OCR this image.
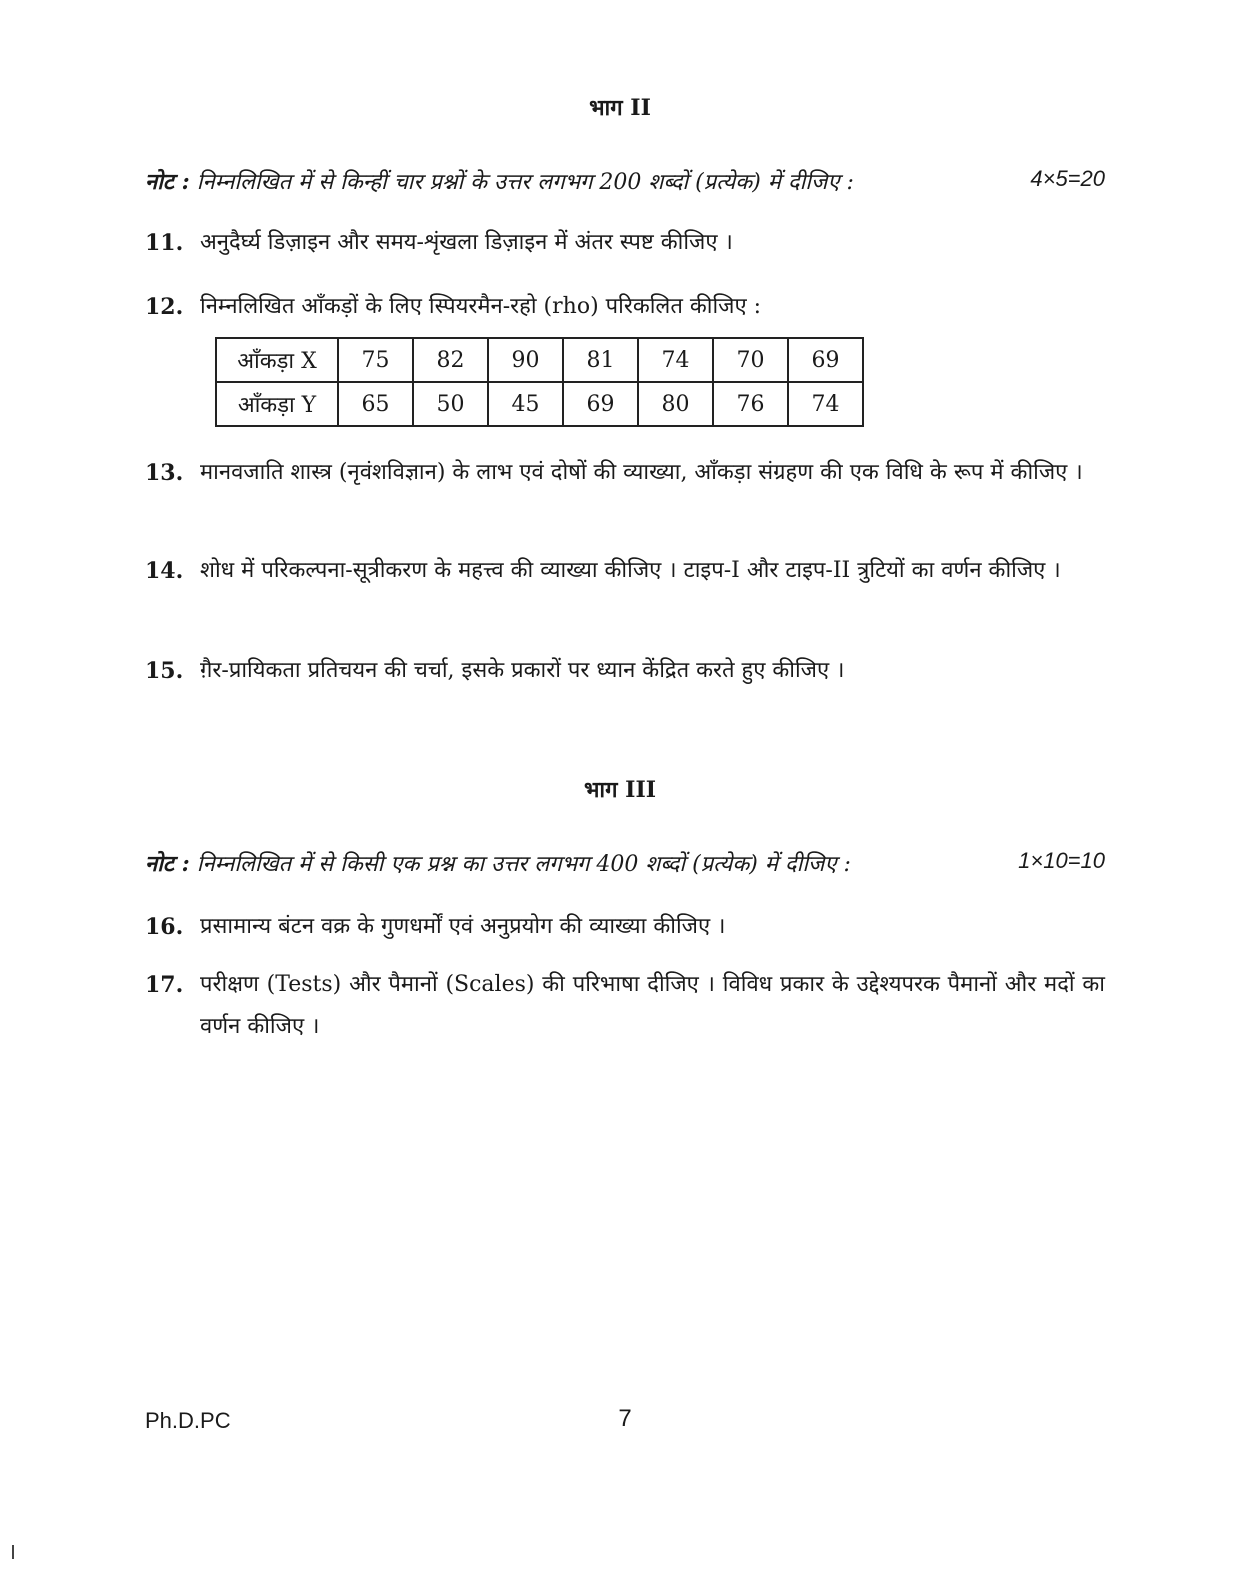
भाग II
नोट : निम्नलिखित में से किन्हीं चार प्रश्नों के उत्तर लगभग 200 शब्दों (प्रत्येक) में दीजिए :	4×5=20
11. अनुदैर्घ्य डिज़ाइन और समय-शृंखला डिज़ाइन में अंतर स्पष्ट कीजिए ।
12. निम्नलिखित आँकड़ों के लिए स्पियरमैन-रहो (rho) परिकलित कीजिए :
आँकड़ा X	75	82	90	81	74	70	69
आँकड़ा Y	65	50	45	69	80	76	74
13. मानवजाति शास्त्र (नृवंशविज्ञान) के लाभ एवं दोषों की व्याख्या, आँकड़ा संग्रहण की एक विधि के रूप में कीजिए ।
14. शोध में परिकल्पना-सूत्रीकरण के महत्त्व की व्याख्या कीजिए । टाइप-I और टाइप-II त्रुटियों का वर्णन कीजिए ।
15. ग़ैर-प्रायिकता प्रतिचयन की चर्चा, इसके प्रकारों पर ध्यान केंद्रित करते हुए कीजिए ।
भाग III
नोट : निम्नलिखित में से किसी एक प्रश्न का उत्तर लगभग 400 शब्दों (प्रत्येक) में दीजिए :	1×10=10
16. प्रसामान्य बंटन वक्र के गुणधर्मों एवं अनुप्रयोग की व्याख्या कीजिए ।
17. परीक्षण (Tests) और पैमानों (Scales) की परिभाषा दीजिए । विविध प्रकार के उद्देश्यपरक पैमानों और मदों का वर्णन कीजिए ।
Ph.D.PC	7
